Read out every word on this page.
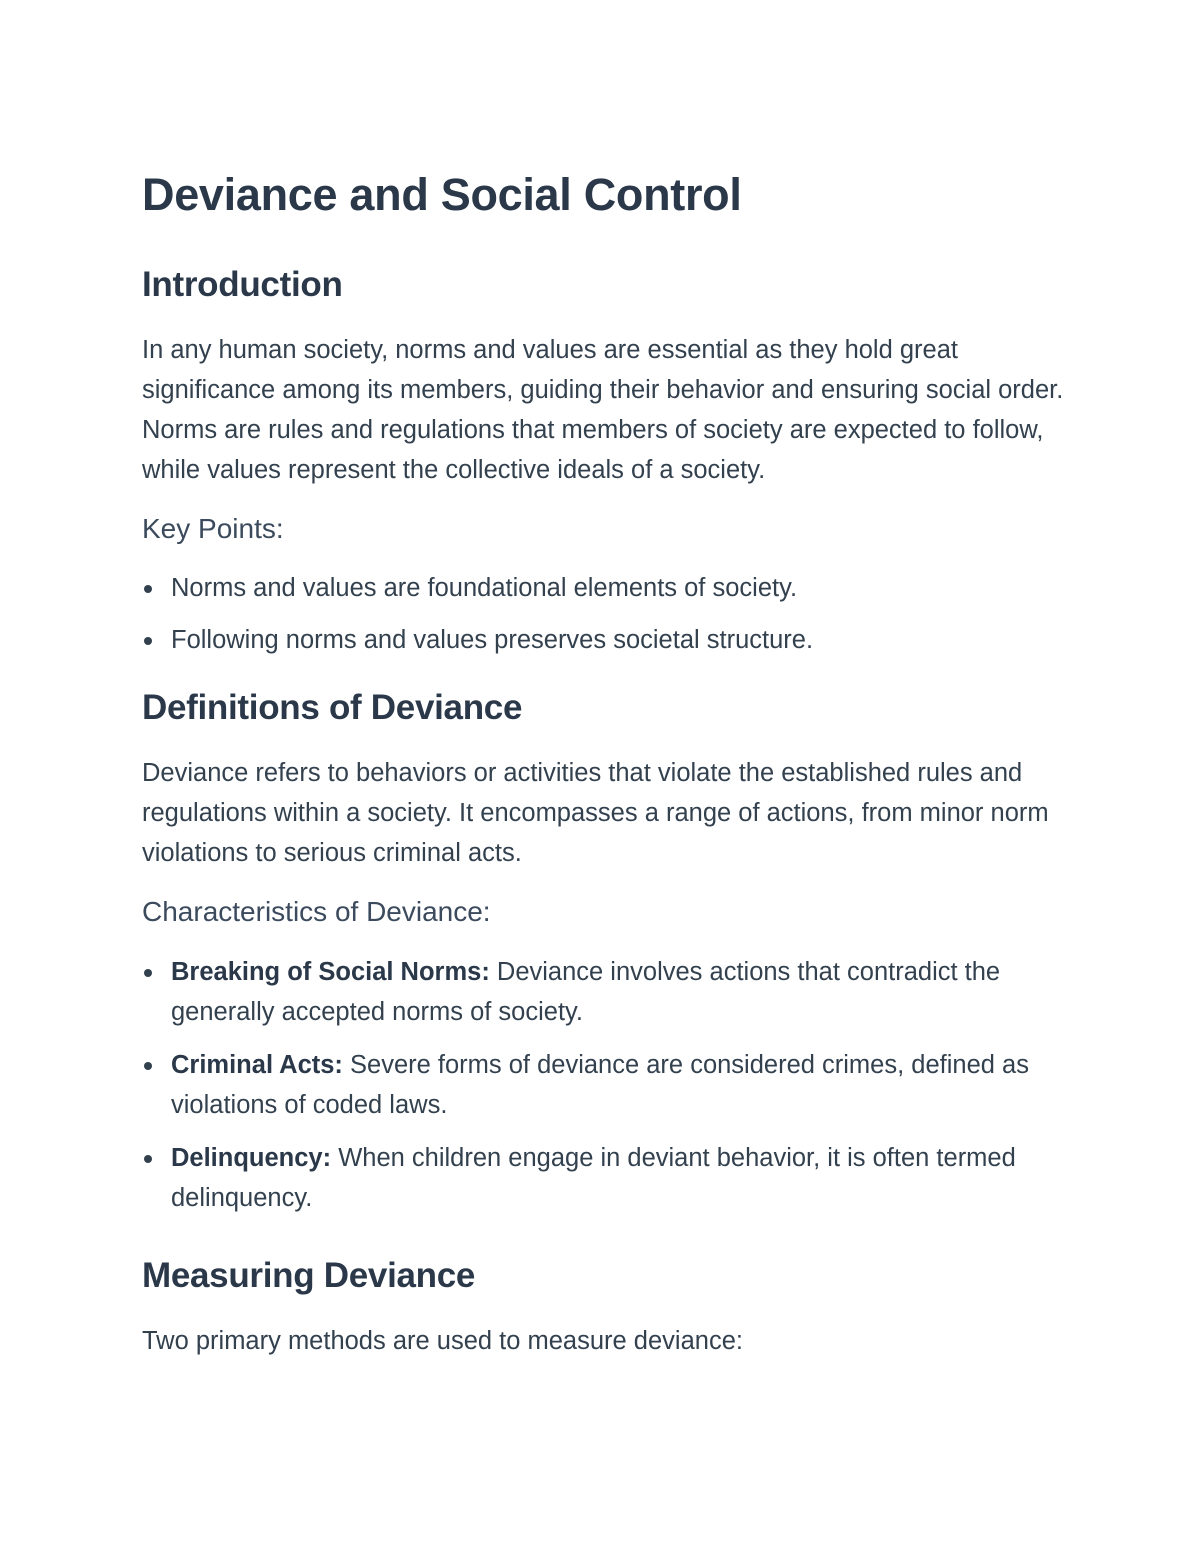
Deviance and Social Control
Introduction

In any human society, norms and values are essential as they hold great significance among its members, guiding their behavior and ensuring social order. Norms are rules and regulations that members of society are expected to follow, while values represent the collective ideals of a society.

Key Points:
Norms and values are foundational elements of society.
Following norms and values preserves societal structure.
Definitions of Deviance

Deviance refers to behaviors or activities that violate the established rules and regulations within a society. It encompasses a range of actions, from minor norm violations to serious criminal acts.

Characteristics of Deviance:
Breaking of Social Norms: Deviance involves actions that contradict the generally accepted norms of society.
Criminal Acts: Severe forms of deviance are considered crimes, defined as violations of coded laws.
Delinquency: When children engage in deviant behavior, it is often termed delinquency.
Measuring Deviance

Two primary methods are used to measure deviance:
